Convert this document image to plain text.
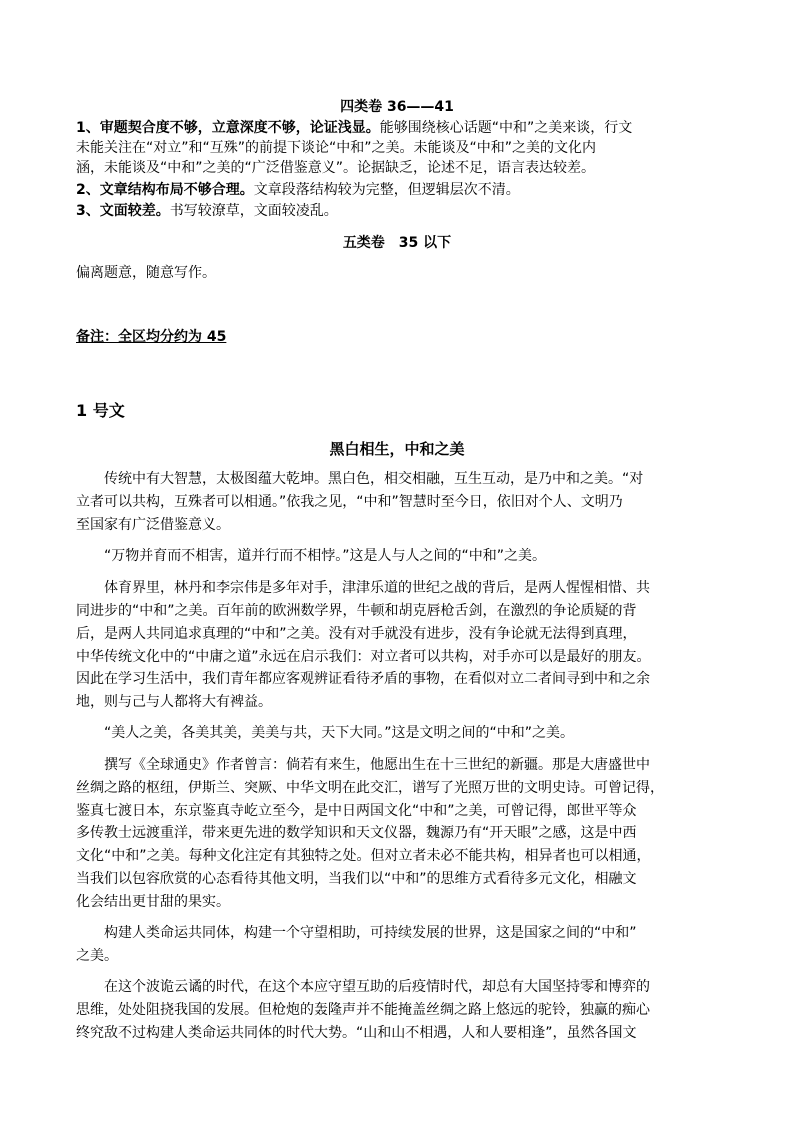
四类卷 36——41
1、审题契合度不够，立意深度不够，论证浅显。能够围绕核心话题“中和”之美来谈，行文
未能关注在“对立”和“互殊”的前提下谈论“中和”之美。未能谈及“中和”之美的文化内
涵，未能谈及“中和”之美的“广泛借鉴意义”。论据缺乏，论述不足，语言表达较差。
2、文章结构布局不够合理。文章段落结构较为完整，但逻辑层次不清。
3、文面较差。书写较潦草，文面较凌乱。
五类卷　35 以下
偏离题意，随意写作。
备注：全区均分约为 45
1 号文
黑白相生，中和之美
传统中有大智慧，太极图蕴大乾坤。黑白色，相交相融，互生互动，是乃中和之美。“对
立者可以共构，互殊者可以相通。”依我之见，“中和”智慧时至今日，依旧对个人、文明乃
至国家有广泛借鉴意义。
“万物并育而不相害，道并行而不相悖。”这是人与人之间的“中和”之美。
体育界里，林丹和李宗伟是多年对手，津津乐道的世纪之战的背后，是两人惺惺相惜、共
同进步的“中和”之美。百年前的欧洲数学界，牛顿和胡克唇枪舌剑，在激烈的争论质疑的背
后，是两人共同追求真理的“中和”之美。没有对手就没有进步，没有争论就无法得到真理，
中华传统文化中的“中庸之道”永远在启示我们：对立者可以共构，对手亦可以是最好的朋友。
因此在学习生活中，我们青年都应客观辨证看待矛盾的事物，在看似对立二者间寻到中和之余
地，则与己与人都将大有裨益。
“美人之美，各美其美，美美与共，天下大同。”这是文明之间的“中和”之美。
撰写《全球通史》作者曾言：倘若有来生，他愿出生在十三世纪的新疆。那是大唐盛世中
丝绸之路的枢纽，伊斯兰、突厥、中华文明在此交汇，谱写了光照万世的文明史诗。可曾记得，
鉴真七渡日本，东京鉴真寺屹立至今，是中日两国文化“中和”之美，可曾记得，郎世平等众
多传教士远渡重洋，带来更先进的数学知识和天文仪器，魏源乃有“开天眼”之感，这是中西
文化“中和”之美。每种文化注定有其独特之处。但对立者未必不能共构，相异者也可以相通，
当我们以包容欣赏的心态看待其他文明，当我们以“中和”的思维方式看待多元文化，相融文
化会结出更甘甜的果实。
构建人类命运共同体，构建一个守望相助，可持续发展的世界，这是国家之间的“中和”
之美。
在这个波诡云谲的时代，在这个本应守望互助的后疫情时代，却总有大国坚持零和博弈的
思维，处处阻挠我国的发展。但枪炮的轰隆声并不能掩盖丝绸之路上悠远的驼铃，独赢的痴心
终究敌不过构建人类命运共同体的时代大势。“山和山不相遇，人和人要相逢”，虽然各国文
